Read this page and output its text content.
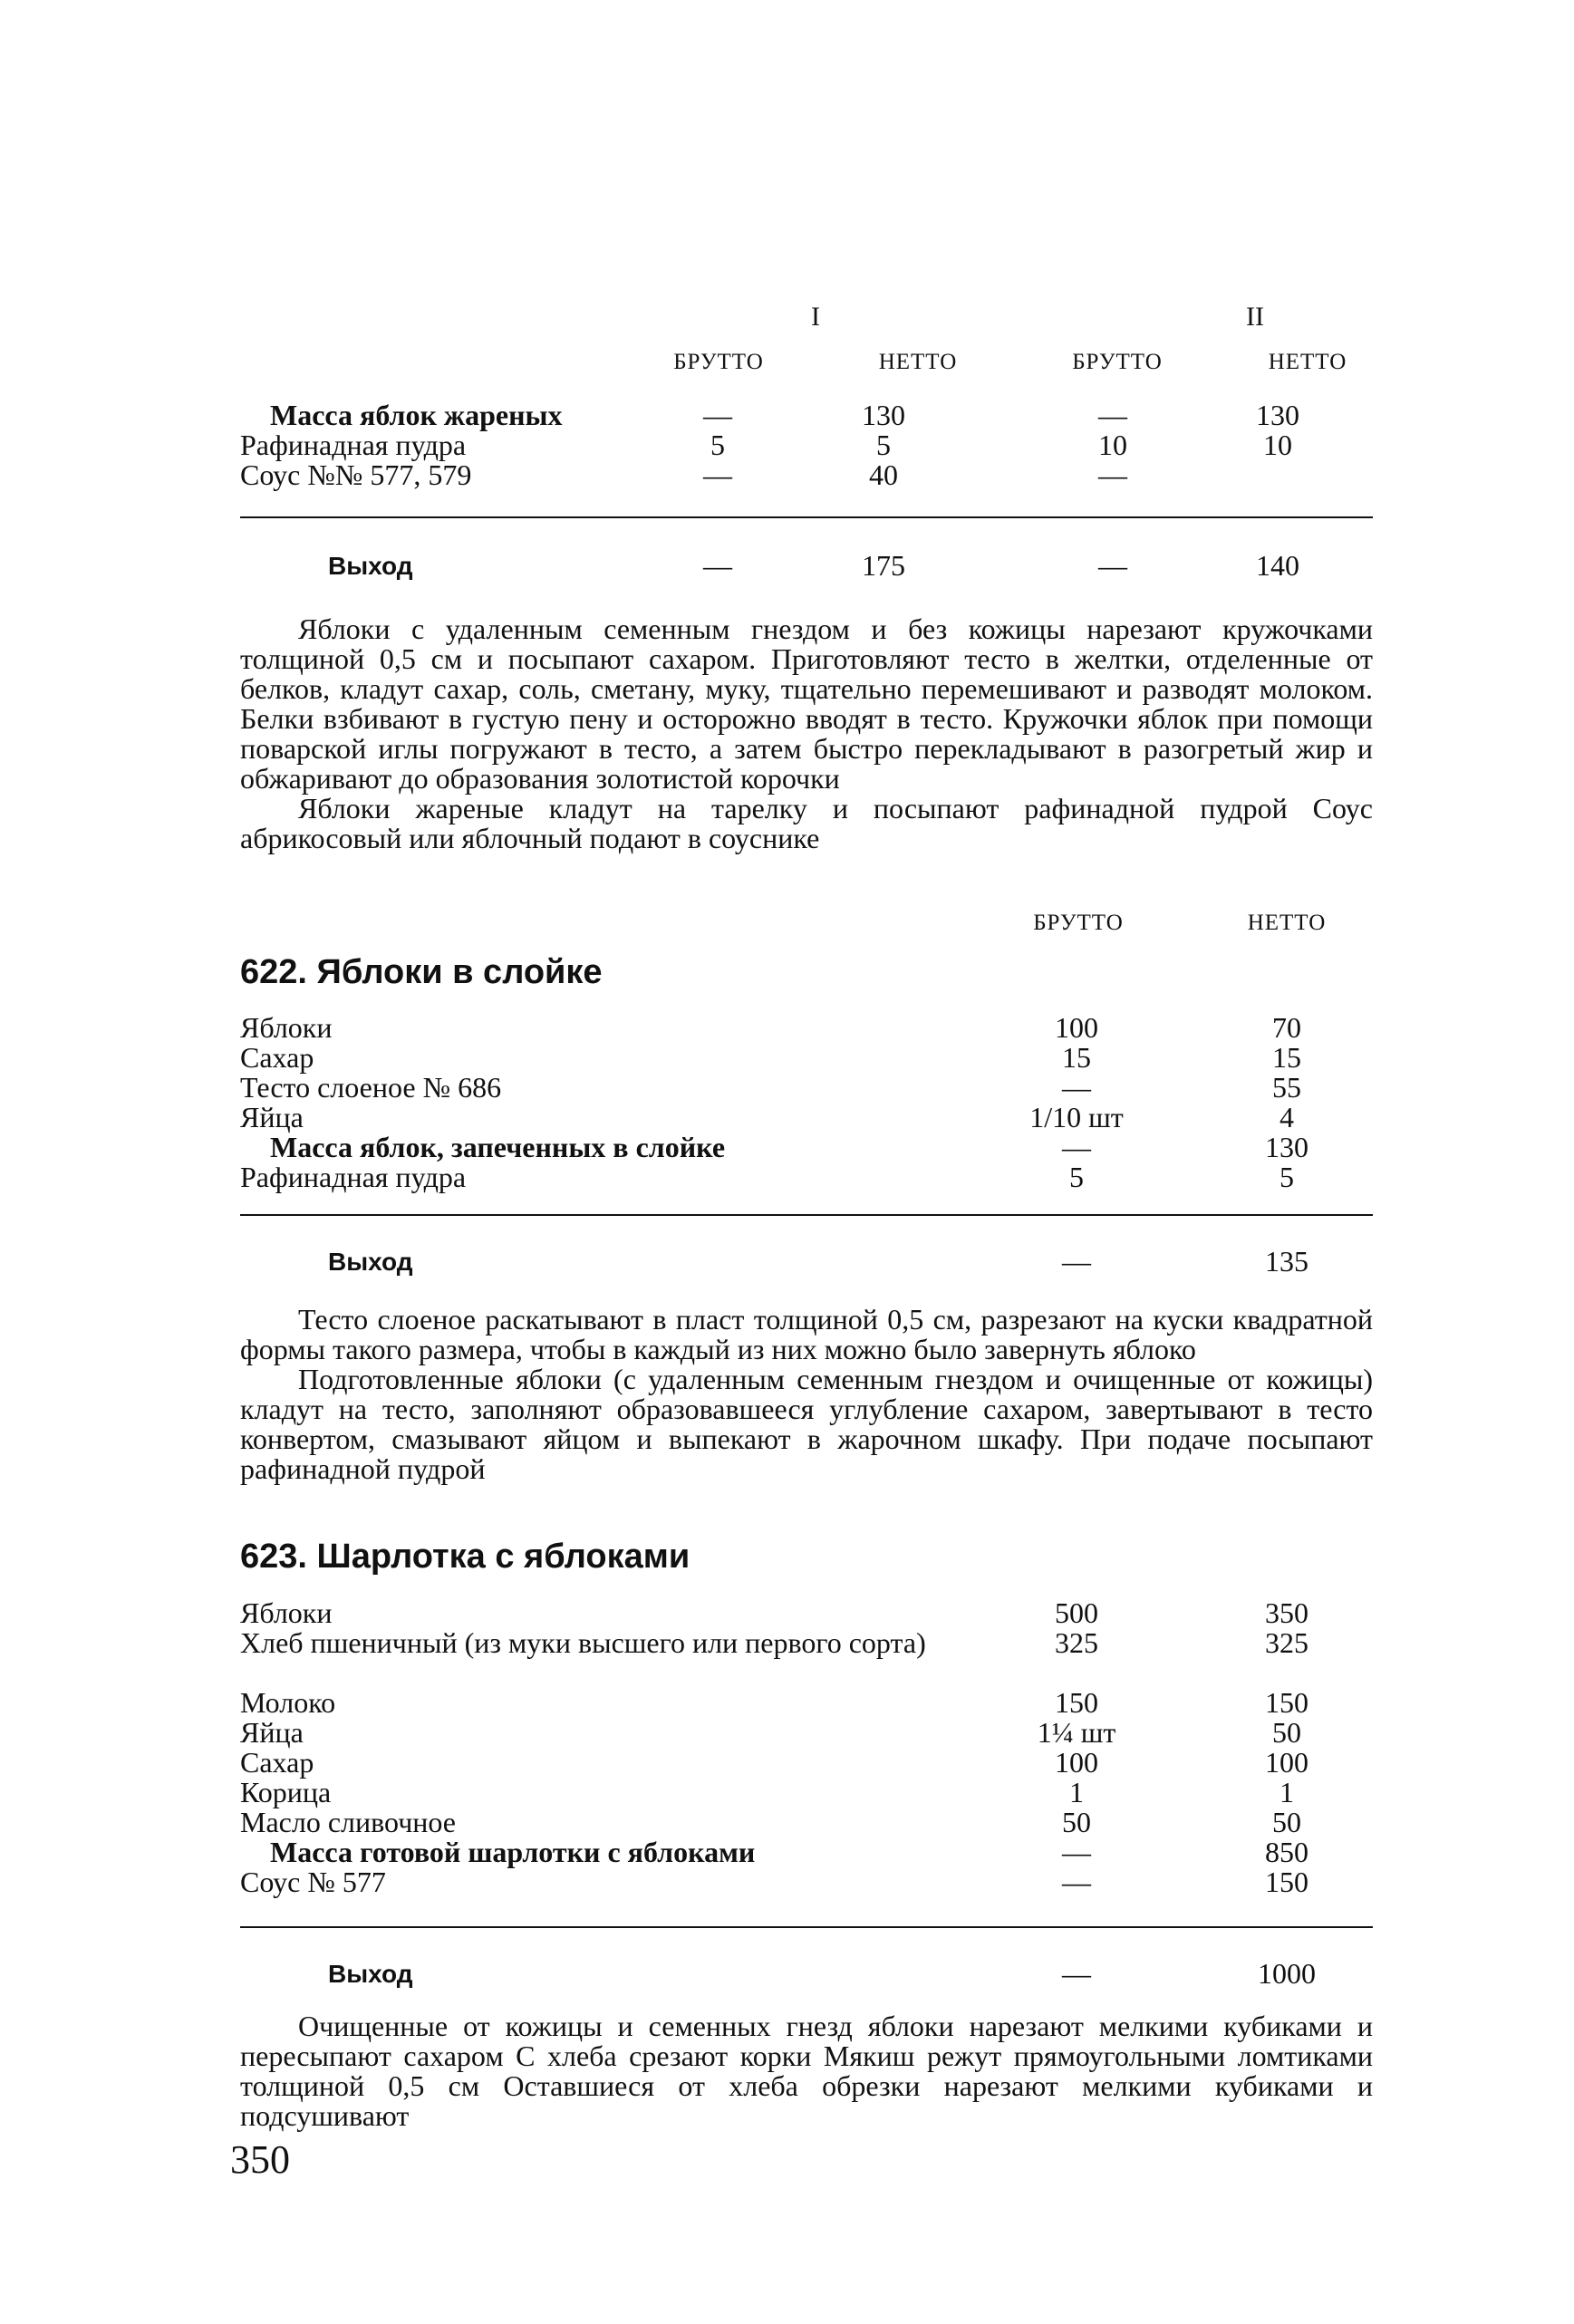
I	II
БРУТТО	НЕТТО	БРУТТО	НЕТТО
Масса яблок жареных	—	130	—	130
Рафинадная пудра	5	5	10	10
Соус №№ 577, 579	—	40	—
Выход	—	175	—	140

Яблоки с удаленным семенным гнездом и без кожицы нарезают кружочками толщиной 0,5 см и посыпают сахаром. Приготовляют тесто в желтки, отделенные от белков, кладут сахар, соль, сметану, муку, тщательно перемешивают и разводят молоком. Белки взбивают в густую пену и осторожно вводят в тесто. Кружочки яблок при помощи поварской иглы погружают в тесто, а затем быстро перекладывают в разогретый жир и обжаривают до образования золотистой корочки

Яблоки жареные кладут на тарелку и посыпают рафинадной пудрой Соус абрикосовый или яблочный подают в соуснике

БРУТТО	НЕТТО
622. Яблоки в слойке
Яблоки	100	70
Сахар	15	15
Тесто слоеное № 686	—	55
Яйца	1/10 шт	4
Масса яблок, запеченных в слойке	—	130
Рафинадная пудра	5	5
Выход	—	135

Тесто слоеное раскатывают в пласт толщиной 0,5 см, разрезают на куски квадратной формы такого размера, чтобы в каждый из них можно было завернуть яблоко

Подготовленные яблоки (с удаленным семенным гнездом и очищенные от кожицы) кладут на тесто, заполняют образовавшееся углубление сахаром, завертывают в тесто конвертом, смазывают яйцом и выпекают в жарочном шкафу. При подаче посыпают рафинадной пудрой

623. Шарлотка с яблоками
Яблоки	500	350
Хлеб пшеничный (из муки высшего или первого сорта)	325	325
Молоко	150	150
Яйца	1¼ шт	50
Сахар	100	100
Корица	1	1
Масло сливочное	50	50
Масса готовой шарлотки с яблоками	—	850
Соус № 577	—	150
Выход	—	1000

Очищенные от кожицы и семенных гнезд яблоки нарезают мелкими кубиками и пересыпают сахаром С хлеба срезают корки Мякиш режут прямоугольными ломтиками толщиной 0,5 см Оставшиеся от хлеба обрезки нарезают мелкими кубиками и подсушивают

350
